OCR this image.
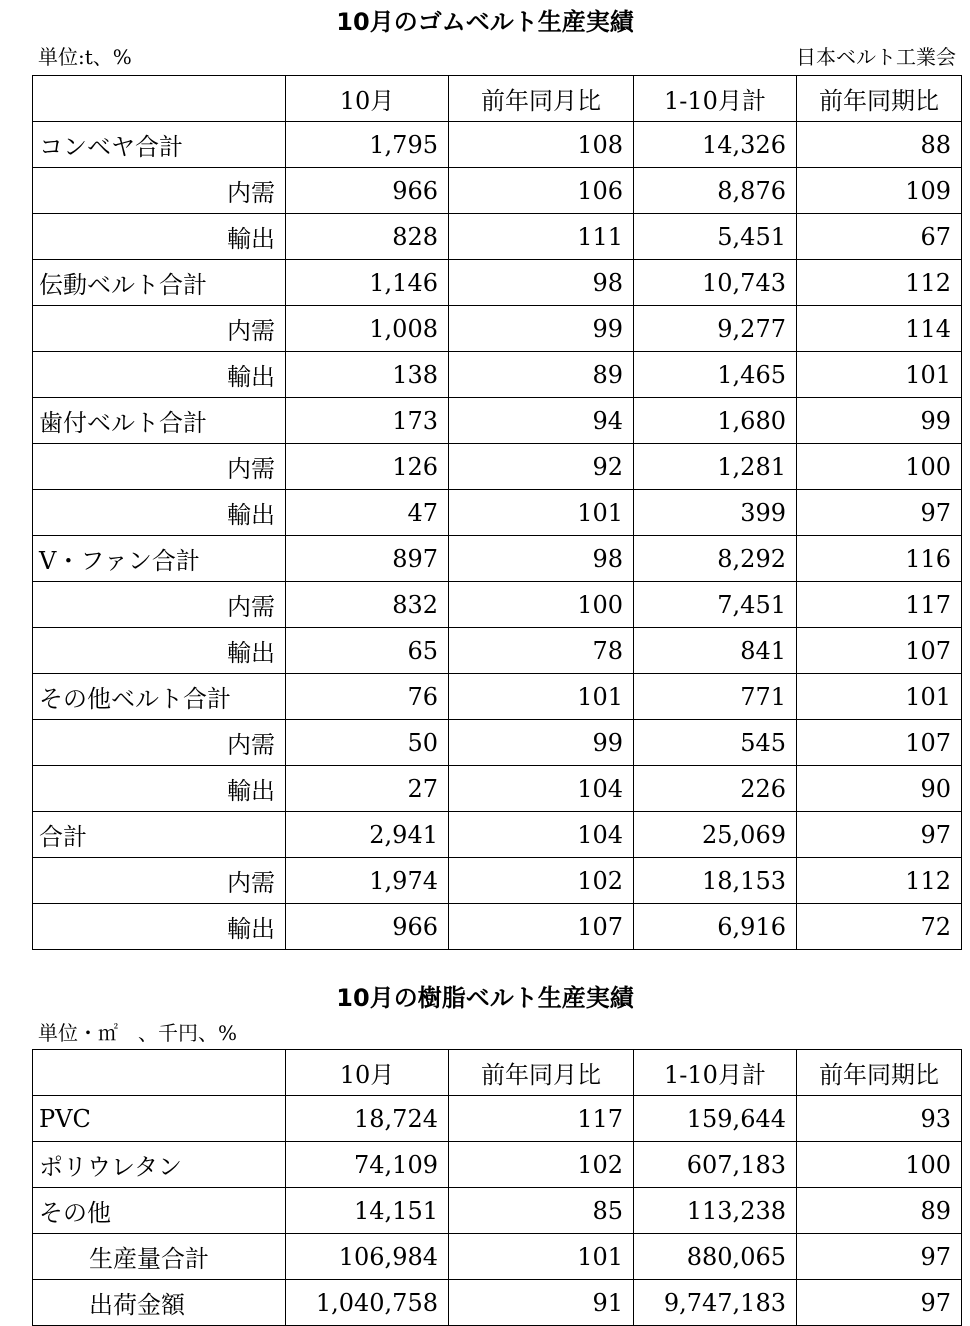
10月のゴムベルト生産実績
単位:t、%	日本ベルト工業会
	10月	前年同月比	1-10月計	前年同期比
コンベヤ合計	1,795	108	14,326	88
内需	966	106	8,876	109
輸出	828	111	5,451	67
伝動ベルト合計	1,146	98	10,743	112
内需	1,008	99	9,277	114
輸出	138	89	1,465	101
歯付ベルト合計	173	94	1,680	99
内需	126	92	1,281	100
輸出	47	101	399	97
V・ファン合計	897	98	8,292	116
内需	832	100	7,451	117
輸出	65	78	841	107
その他ベルト合計	76	101	771	101
内需	50	99	545	107
輸出	27	104	226	90
合計	2,941	104	25,069	97
内需	1,974	102	18,153	112
輸出	966	107	6,916	72
10月の樹脂ベルト生産実績
単位・㎡　、千円、%
	10月	前年同月比	1-10月計	前年同期比
PVC	18,724	117	159,644	93
ポリウレタン	74,109	102	607,183	100
その他	14,151	85	113,238	89
生産量合計	106,984	101	880,065	97
出荷金額	1,040,758	91	9,747,183	97
